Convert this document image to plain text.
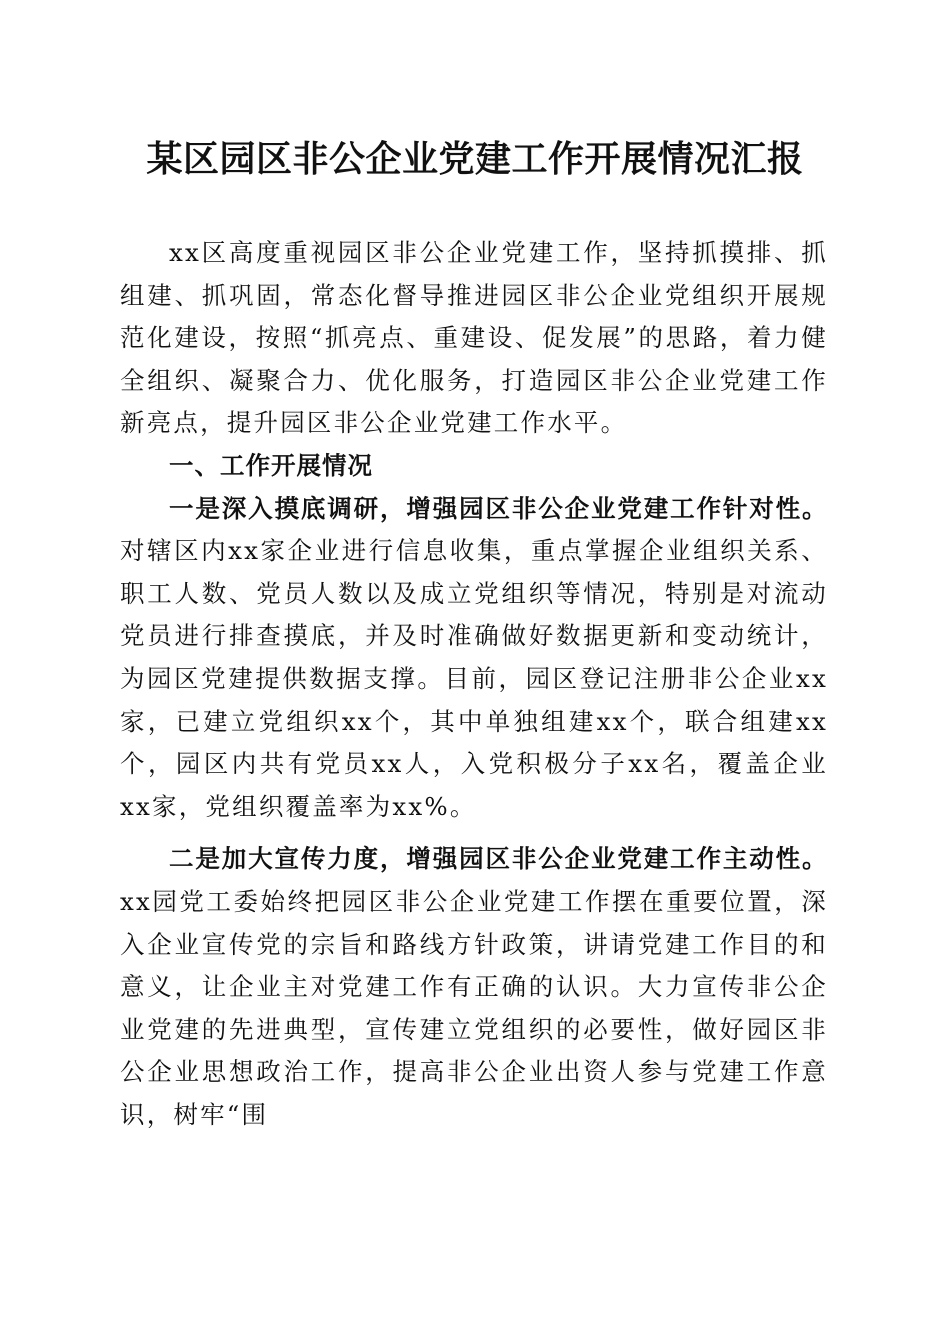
某区园区非公企业党建工作开展情况汇报

xx区高度重视园区非公企业党建工作，坚持抓摸排、抓组建、抓巩固，常态化督导推进园区非公企业党组织开展规范化建设，按照“抓亮点、重建设、促发展”的思路，着力健全组织、凝聚合力、优化服务，打造园区非公企业党建工作新亮点，提升园区非公企业党建工作水平。

一、工作开展情况

一是深入摸底调研，增强园区非公企业党建工作针对性。对辖区内xx家企业进行信息收集，重点掌握企业组织关系、职工人数、党员人数以及成立党组织等情况，特别是对流动党员进行排查摸底，并及时准确做好数据更新和变动统计，为园区党建提供数据支撑。目前，园区登记注册非公企业xx家，已建立党组织xx个，其中单独组建xx个，联合组建xx个，园区内共有党员xx人，入党积极分子xx名，覆盖企业xx家，党组织覆盖率为xx%。

二是加大宣传力度，增强园区非公企业党建工作主动性。xx园党工委始终把园区非公企业党建工作摆在重要位置，深入企业宣传党的宗旨和路线方针政策，讲请党建工作目的和意义，让企业主对党建工作有正确的认识。大力宣传非公企业党建的先进典型，宣传建立党组织的必要性，做好园区非公企业思想政治工作，提高非公企业出资人参与党建工作意识，树牢“围
